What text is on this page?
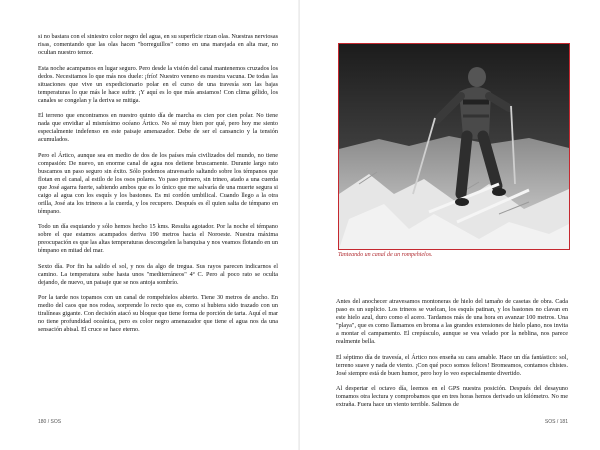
si no bastara con el siniestro color negro del agua, en su superficie rizan olas. Nuestras nerviosas risas, comentando que las olas hacen "borreguillos" como en una marejada en alta mar, no ocultan nuestro temor.

Esta noche acampamos en lugar seguro. Pero desde la visión del canal mantenemos cruzados los dedos. Necesitamos lo que más nos duele: ¡frío! Nuestro veneno es nuestra vacuna. De todas las situaciones que vive un expedicionario polar en el curso de una travesía son las bajas temperaturas lo que más le hace sufrir. ¡Y aquí es lo que más ansiamos! Con clima gélido, los canales se congelan y la deriva se mitiga.

El terreno que encontramos en nuestro quinto día de marcha es cien por cien polar. No tiene nada que envidiar al mismísimo océano Ártico. No sé muy bien por qué, pero hoy me siento especialmente indefenso en este paisaje amenazador. Debe de ser el cansancio y la tensión acumulados.

Pero el Ártico, aunque sea en medio de dos de los países más civilizados del mundo, no tiene compasión: De nuevo, un enorme canal de agua nos detiene bruscamente. Durante largo rato buscamos un paso seguro sin éxito. Sólo podemos atravesarlo saltando sobre los témpanos que flotan en el canal, al estilo de los osos polares. Yo paso primero, sin trineo, atado a una cuerda que José agarra fuerte, sabiendo ambos que es lo único que me salvaría de una muerte segura si caigo al agua con los esquís y los bastones. Es mi cordón umbilical. Cuando llego a la otra orilla, José ata los trineos a la cuerda, y los recupero. Después es él quien salta de témpano en témpano.

Todo un día esquiando y sólo hemos hecho 15 kms. Resulta agotador. Por la noche el témpano sobre el que estamos acampados deriva 190 metros hacia el Noroeste. Nuestra máxima preocupación es que las altas temperaturas descongelen la banquisa y nos veamos flotando en un témpano en mitad del mar.

Sexto día. Por fin ha salido el sol, y nos da algo de tregua. Sus rayos parecen indicarnos el camino. La temperatura sube hasta unos "mediterráneos" 4º C. Pero al poco rato se oculta dejando, de nuevo, un paisaje que se nos antoja sombrío.

Por la tarde nos topamos con un canal de rompehielos abierto. Tiene 30 metros de ancho. En medio del caos que nos rodea, sorprende lo recto que es, como si hubiera sido trazado con un tiralíneas gigante. Con decisión atacó su bloque que tiene forma de porción de tarta. Aquí el mar no tiene profundidad oceánica, pero es color negro amenazador que tiene el agua nos da una sensación abisal. El cruce se hace eterno.

180 / SOS
Tanteando un canal de un rompehielos.

Antes del anochecer atravesamos montoneras de hielo del tamaño de casetas de obra. Cada paso es un suplicio. Los trineos se vuelcan, los esquís patinan, y los bastones no clavan en este hielo azul, duro como el acero. Tardamos más de una hora en avanzar 100 metros. Una "playa", que es como llamamos en broma a las grandes extensiones de hielo plano, nos invita a montar el campamento. El crepúsculo, aunque se vea velado por la neblina, nos parece realmente bella.

El séptimo día de travesía, el Ártico nos enseña su cara amable. Hace un día fantástico: sol, terreno suave y nada de viento. ¡Con qué poco somos felices! Bromeamos, contamos chistes. José siempre está de buen humor, pero hoy lo veo especialmente divertido.

Al despertar el octavo día, leemos en el GPS nuestra posición. Después del desayuno tomamos otra lectura y comprobamos que en tres horas hemos derivado un kilómetro. No me extraña. Fuera hace un viento terrible. Salimos de

SOS / 181
